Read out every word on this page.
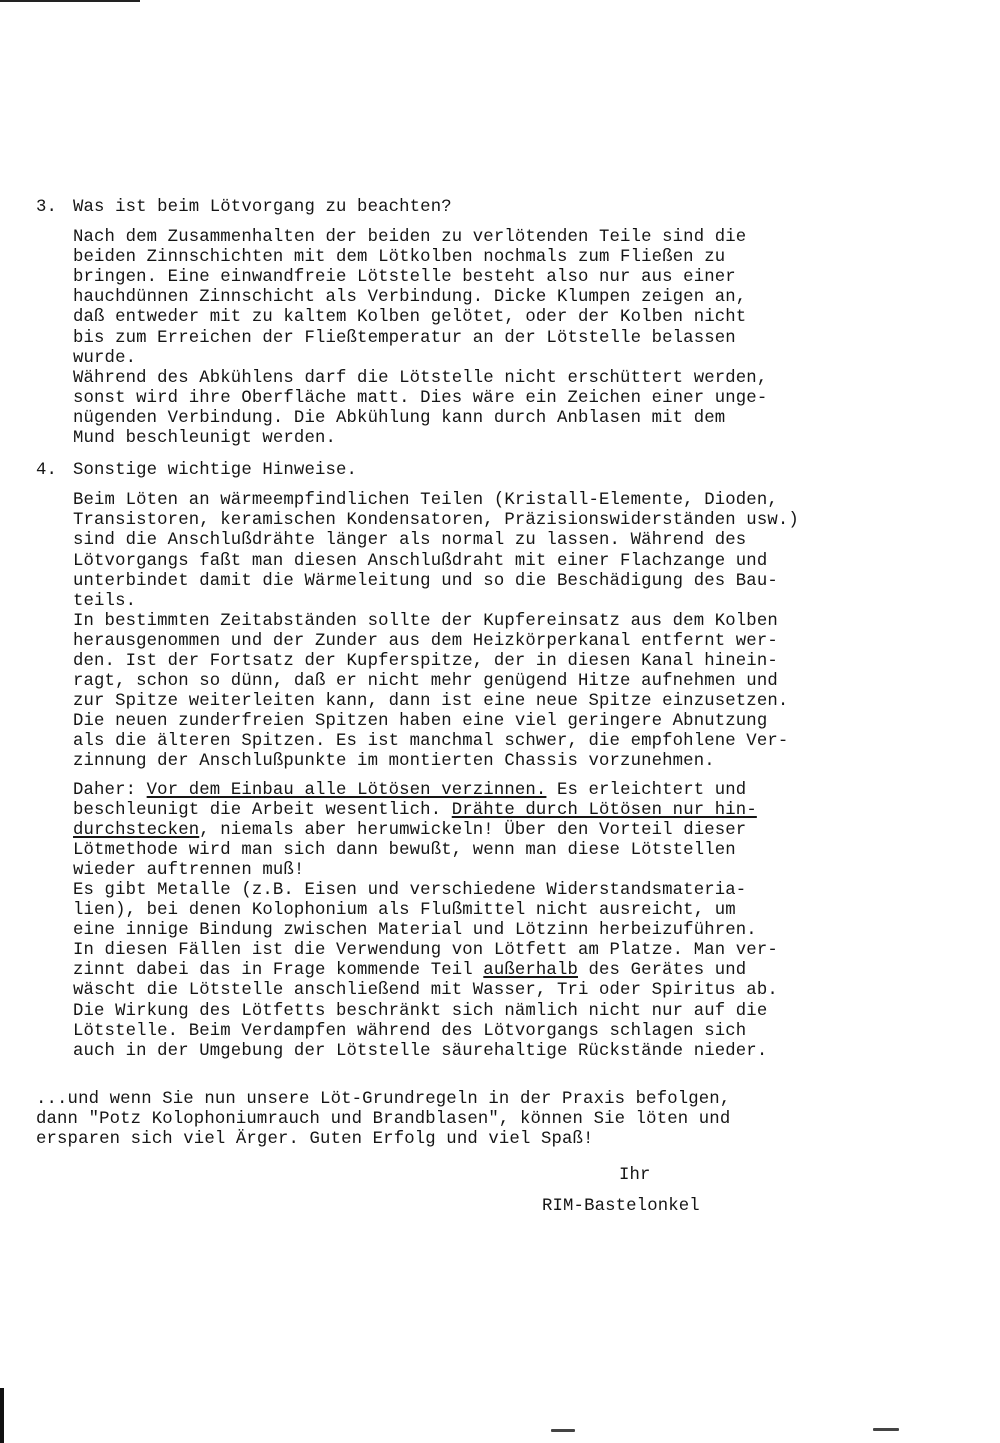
3. Was ist beim Lötvorgang zu beachten?

Nach dem Zusammenhalten der beiden zu verlötenden Teile sind die
beiden Zinnschichten mit dem Lötkolben nochmals zum Fließen zu
bringen. Eine einwandfreie Lötstelle besteht also nur aus einer
hauchdünnen Zinnschicht als Verbindung. Dicke Klumpen zeigen an,
daß entweder mit zu kaltem Kolben gelötet, oder der Kolben nicht
bis zum Erreichen der Fließtemperatur an der Lötstelle belassen
wurde.

Während des Abkühlens darf die Lötstelle nicht erschüttert werden,
sonst wird ihre Oberfläche matt. Dies wäre ein Zeichen einer unge-
nügenden Verbindung. Die Abkühlung kann durch Anblasen mit dem
Mund beschleunigt werden.

4. Sonstige wichtige Hinweise.

Beim Löten an wärmeempfindlichen Teilen (Kristall-Elemente, Dioden,
Transistoren, keramischen Kondensatoren, Präzisionswiderständen usw.)
sind die Anschlußdrähte länger als normal zu lassen. Während des
Lötvorgangs faßt man diesen Anschlußdraht mit einer Flachzange und
unterbindet damit die Wärmeleitung und so die Beschädigung des Bau-
teils.

In bestimmten Zeitabständen sollte der Kupfereinsatz aus dem Kolben
herausgenommen und der Zunder aus dem Heizkörperkanal entfernt wer-
den. Ist der Fortsatz der Kupferspitze, der in diesen Kanal hinein-
ragt, schon so dünn, daß er nicht mehr genügend Hitze aufnehmen und
zur Spitze weiterleiten kann, dann ist eine neue Spitze einzusetzen.
Die neuen zunderfreien Spitzen haben eine viel geringere Abnutzung
als die älteren Spitzen. Es ist manchmal schwer, die empfohlene Ver-
zinnung der Anschlußpunkte im montierten Chassis vorzunehmen.

Daher: Vor dem Einbau alle Lötösen verzinnen. Es erleichtert und
beschleunigt die Arbeit wesentlich. Drähte durch Lötösen nur hin-
durchstecken, niemals aber herumwickeln! Über den Vorteil dieser
Lötmethode wird man sich dann bewußt, wenn man diese Lötstellen
wieder auftrennen muß!

Es gibt Metalle (z.B. Eisen und verschiedene Widerstandsmateria-
lien), bei denen Kolophonium als Flußmittel nicht ausreicht, um
eine innige Bindung zwischen Material und Lötzinn herbeizuführen.
In diesen Fällen ist die Verwendung von Lötfett am Platze. Man ver-
zinnt dabei das in Frage kommende Teil außerhalb des Gerätes und
wäscht die Lötstelle anschließend mit Wasser, Tri oder Spiritus ab.
Die Wirkung des Lötfetts beschränkt sich nämlich nicht nur auf die
Lötstelle. Beim Verdampfen während des Lötvorgangs schlagen sich
auch in der Umgebung der Lötstelle säurehaltige Rückstände nieder.

...und wenn Sie nun unsere Löt-Grundregeln in der Praxis befolgen,
dann "Potz Kolophoniumrauch und Brandblasen", können Sie löten und
ersparen sich viel Ärger. Guten Erfolg und viel Spaß!

Ihr

RIM-Bastelonkel
